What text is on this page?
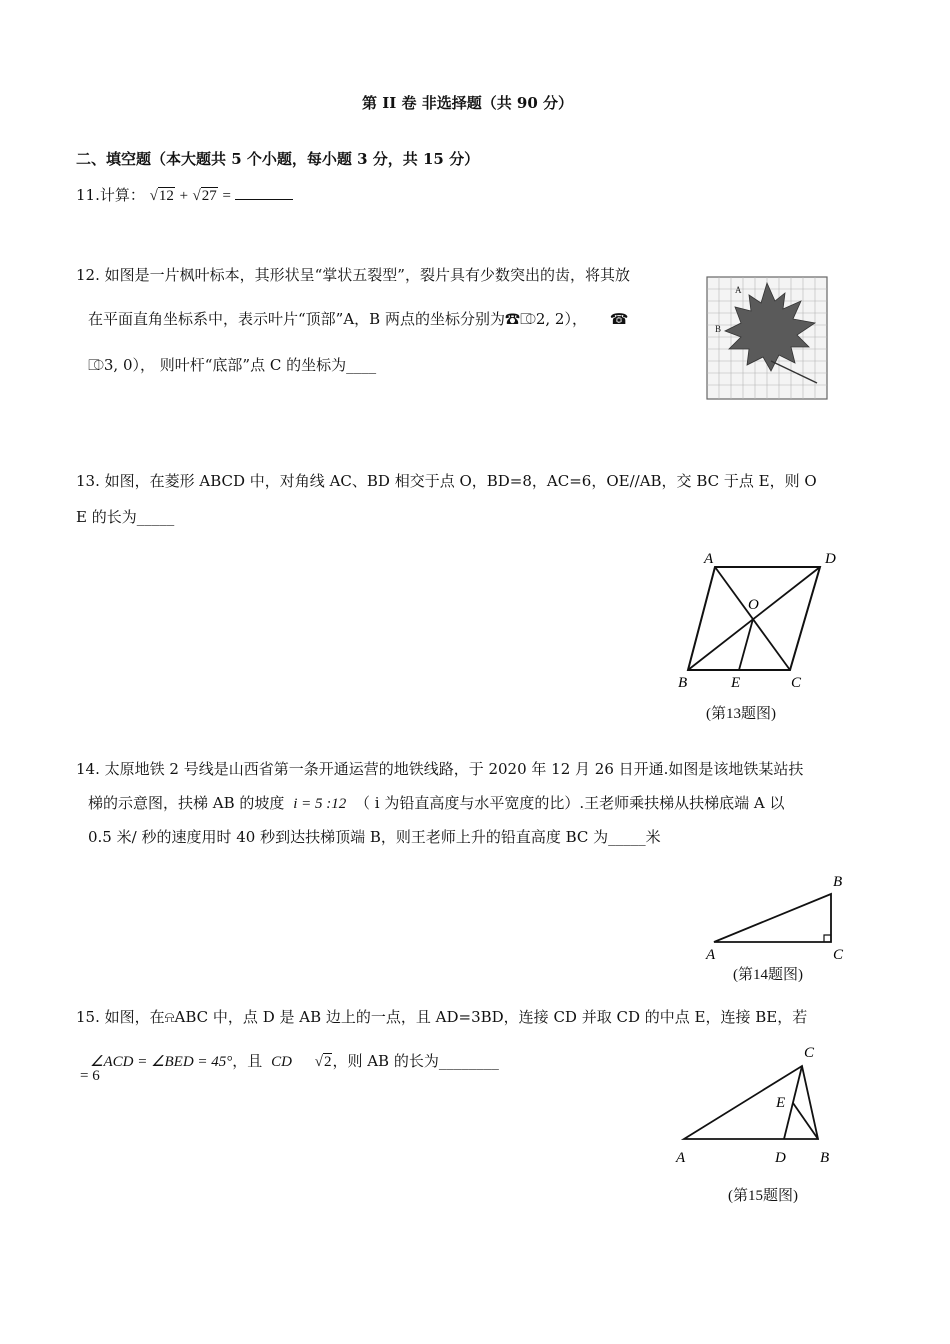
第 II 卷 非选择题（共 90 分）
二、填空题（本大题共 5 个小题，每小题 3 分，共 15 分）
11.计算： √12 + √27 =
12. 如图是一片枫叶标本，其形状呈“掌状五裂型”，裂片具有少数突出的齿，将其放
在平面直角坐标系中，表示叶片“顶部”A，B 两点的坐标分别为☎⎄2, 2）， ☎
⎄3, 0）， 则叶杆“底部”点 C 的坐标为____
A
B
13. 如图，在菱形 ABCD 中，对角线 AC、BD 相交于点 O，BD=8，AC=6，OE//AB，交 BC 于点 E，则 O
E 的长为_____
A	D
O
B	E	C
(第13题图)
14. 太原地铁 2 号线是山西省第一条开通运营的地铁线路，于 2020 年 12 月 26 日开通.如图是该地铁某站扶
梯的示意图，扶梯 AB 的坡度 i = 5 :12 （ i 为铅直高度与水平宽度的比）.王老师乘扶梯从扶梯底端 A 以
0.5 米/ 秒的速度用时 40 秒到达扶梯顶端 B，则王老师上升的铅直高度 BC 为_____米
B
A	C
(第14题图)
15. 如图，在⍾ABC 中，点 D 是 AB 边上的一点，且 AD=3BD，连接 CD 并取 CD 的中点 E，连接 BE，若
∠ACD = ∠BED = 45°，且 CD √2，则 AB 的长为________
= 6
C
E
A	D B
(第15题图)
